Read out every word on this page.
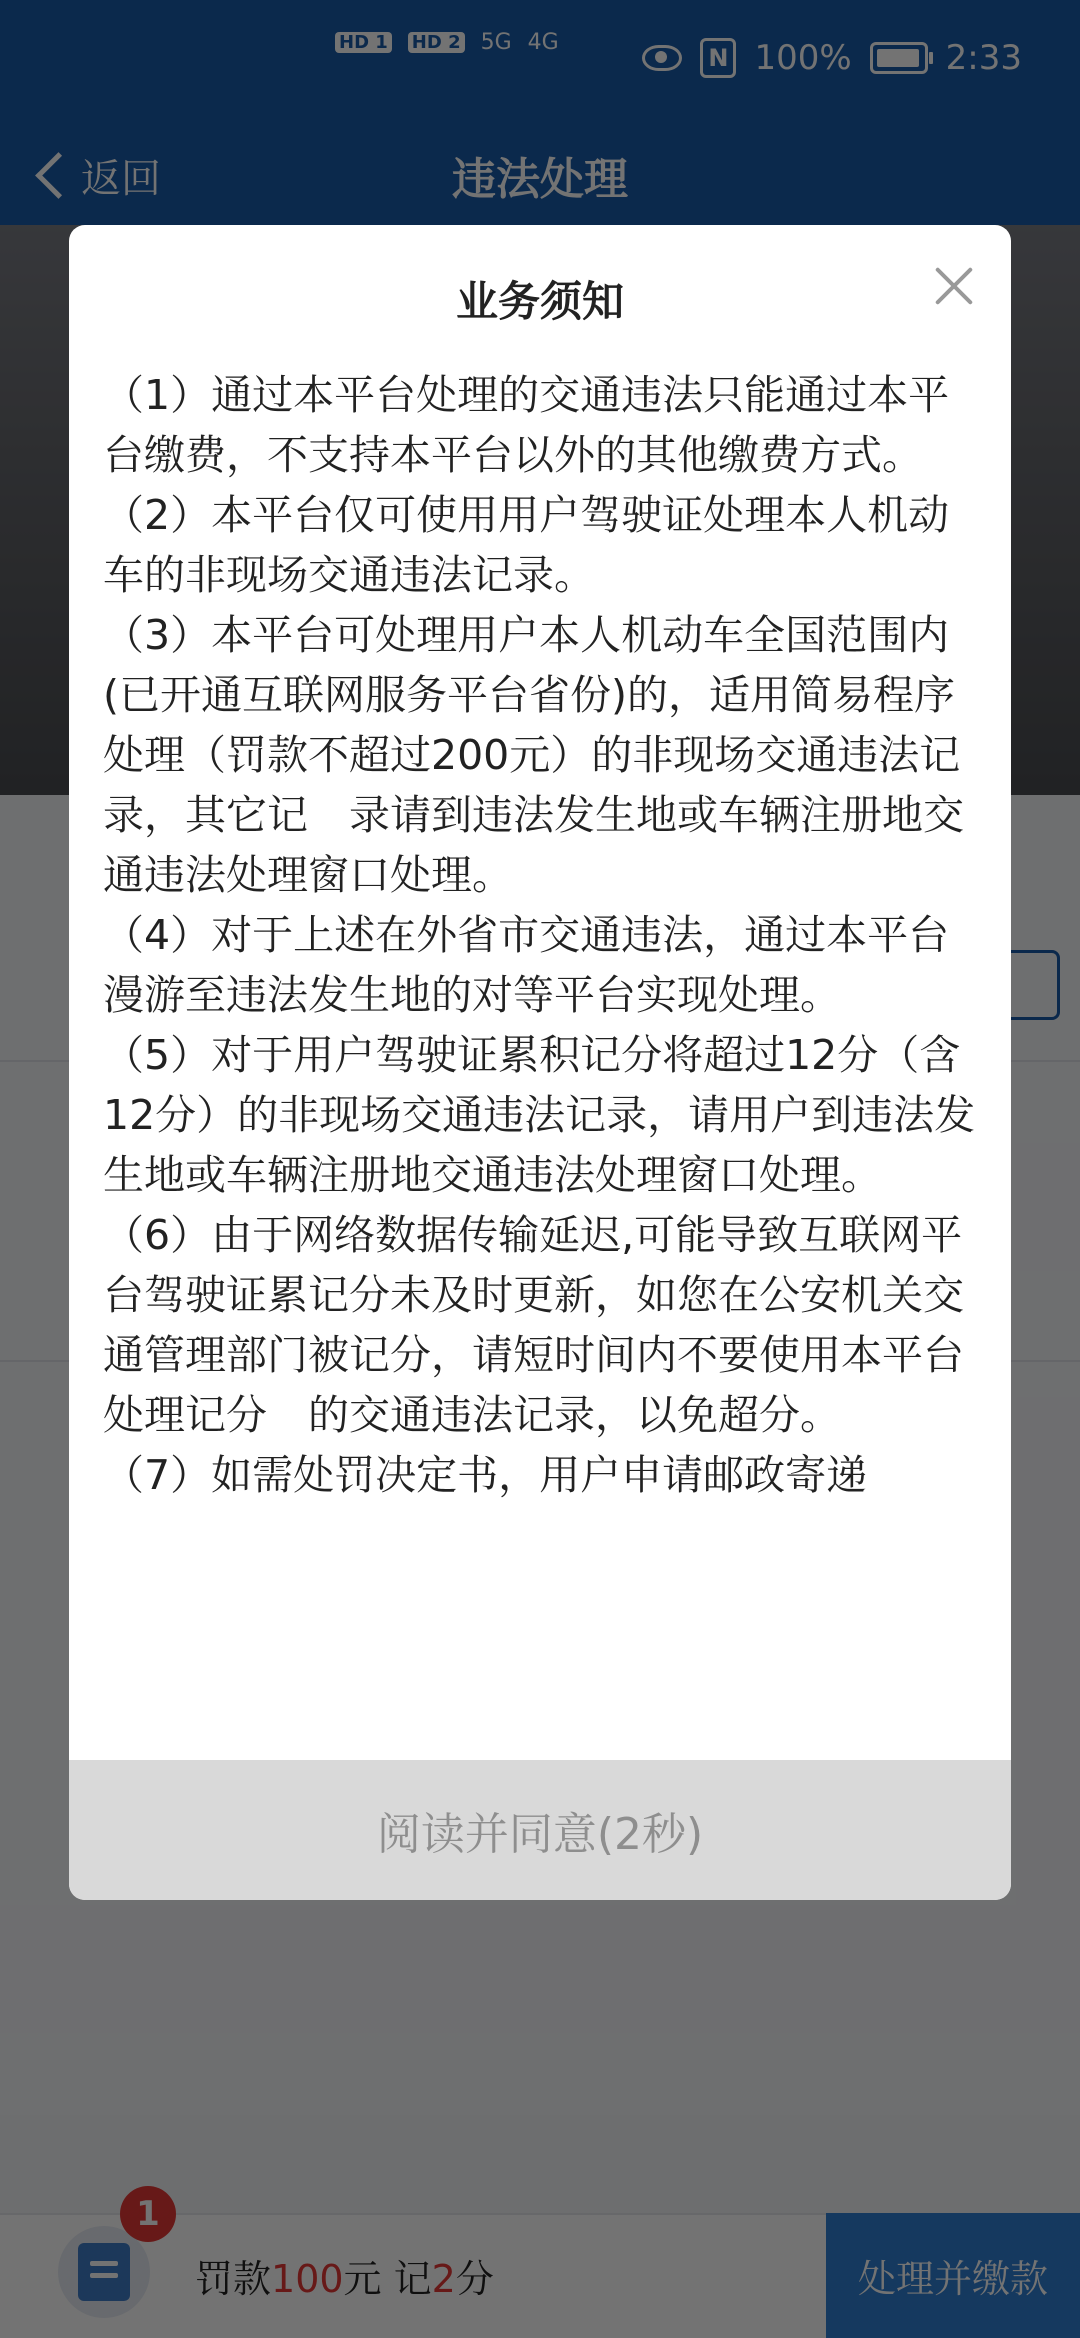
业务须知

（1）通过本平台处理的交通违法只能通过本平台缴费，不支持本平台以外的其他缴费方式。

（2）本平台仅可使用用户驾驶证处理本人机动车的非现场交通违法记录。

（3）本平台可处理用户本人机动车全国范围内(已开通互联网服务平台省份)的，适用简易程序处理（罚款不超过200元）的非现场交通违法记录，其它记　录请到违法发生地或车辆注册地交通违法处理窗口处理。

（4）对于上述在外省市交通违法，通过本平台漫游至违法发生地的对等平台实现处理。

（5）对于用户驾驶证累积记分将超过12分（含12分）的非现场交通违法记录，请用户到违法发生地或车辆注册地交通违法处理窗口处理。

（6）由于网络数据传输延迟,可能导致互联网平台驾驶证累记分未及时更新，如您在公安机关交通管理部门被记分，请短时间内不要使用本平台处理记分　的交通违法记录，以免超分。

（7）如需处罚决定书，用户申请邮政寄递

阅读并同意(2秒)
